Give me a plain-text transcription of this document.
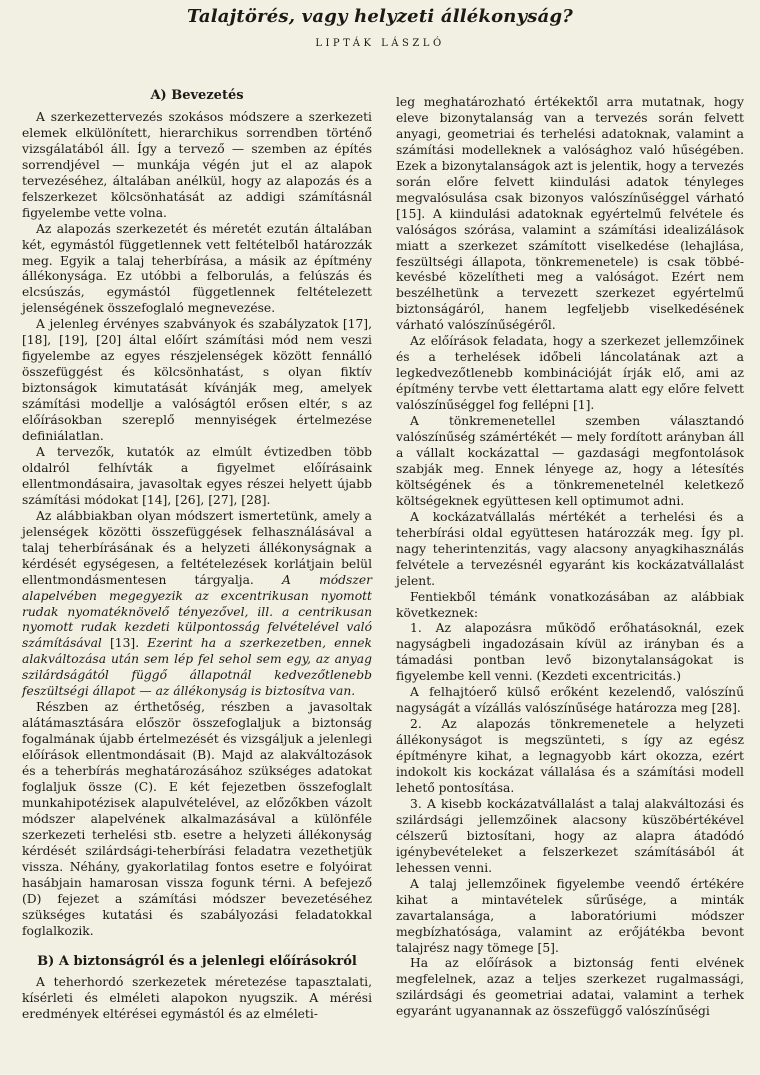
Talajtörés, vagy helyzeti állékonyság?
LIPTÁK LÁSZLÓ
A) Bevezetés

A szerkezettervezés szokásos módszere a szerkezeti elemek elkülönített, hierarchikus sorrendben történő vizsgálatából áll. Így a tervező — szemben az építés sorrendjével — munkája végén jut el az alapok tervezéséhez, általában anélkül, hogy az alapozás és a felszerkezet kölcsönhatását az addigi számításnál figyelembe vette volna.

Az alapozás szerkezetét és méretét ezután általában két, egymástól függetlennek vett feltételből határozzák meg. Egyik a talaj teherbírása, a másik az építmény állékonysága. Ez utóbbi a felborulás, a felúszás és elcsúszás, egymástól függetlennek feltételezett jelenségének összefoglaló megnevezése.

A jelenleg érvényes szabványok és szabályzatok [17], [18], [19], [20] által előírt számítási mód nem veszi figyelembe az egyes részjelenségek között fennálló összefüggést és kölcsönhatást, s olyan fiktív biztonságok kimutatását kívánják meg, amelyek számítási modellje a valóságtól erősen eltér, s az előírásokban szereplő mennyiségek értelmezése definiálatlan.

A tervezők, kutatók az elmúlt évtizedben több oldalról felhívták a figyelmet előírásaink ellentmondásaira, javasoltak egyes részei helyett újabb számítási módokat [14], [26], [27], [28].

Az alábbiakban olyan módszert ismertetünk, amely a jelenségek közötti összefüggések felhasználásával a talaj teherbírásának és a helyzeti állékonyságnak a kérdését egységesen, a feltételezések korlátjain belül ellentmondásmentesen tárgyalja. A módszer alapelvében megegyezik az excentrikusan nyomott rudak nyomatéknövelő tényezővel, ill. a centrikusan nyomott rudak kezdeti külpontosság felvételével való számításával [13]. Ezerint ha a szerkezetben, ennek alakváltozása után sem lép fel sehol sem egy, az anyag szilárdságától függő állapotnál kedvezőtlenebb feszültségi állapot — az állékonyság is biztosítva van.

Részben az érthetőség, részben a javasoltak alátámasztására először összefoglaljuk a biztonság fogalmának újabb értelmezését és vizsgáljuk a jelenlegi előírások ellentmondásait (B). Majd az alakváltozások és a teherbírás meghatározásához szükséges adatokat foglaljuk össze (C). E két fejezetben összefoglalt munkahipotézisek alapulvételével, az előzőkben vázolt módszer alapelvének alkalmazásával a különféle szerkezeti terhelési stb. esetre a helyzeti állékonyság kérdését szilárdsági-teherbírási feladatra vezethetjük vissza. Néhány, gyakorlatilag fontos esetre e folyóirat hasábjain hamarosan vissza fogunk térni. A befejező (D) fejezet a számítási módszer bevezetéséhez szükséges kutatási és szabályozási feladatokkal foglalkozik.

B) A biztonságról és a jelenlegi előírásokról

A teherhordó szerkezetek méretezése tapasztalati, kísérleti és elméleti alapokon nyugszik. A mérési eredmények eltérései egymástól és az elméleti-

leg meghatározható értékektől arra mutatnak, hogy eleve bizonytalanság van a tervezés során felvett anyagi, geometriai és terhelési adatoknak, valamint a számítási modelleknek a valósághoz való hűségében. Ezek a bizonytalanságok azt is jelentik, hogy a tervezés során előre felvett kiindulási adatok tényleges megvalósulása csak bizonyos valószínűséggel várható [15]. A kiindulási adatoknak egyértelmű felvétele és valóságos szórása, valamint a számítási idealizálások miatt a szerkezet számított viselkedése (lehajlása, feszültségi állapota, tönkremenetele) is csak többé-kevésbé közelítheti meg a valóságot. Ezért nem beszélhetünk a tervezett szerkezet egyértelmű biztonságáról, hanem legfeljebb viselkedésének várható valószínűségéről.

Az előírások feladata, hogy a szerkezet jellemzőinek és a terhelések időbeli láncolatának azt a legkedvezőtlenebb kombinációját írják elő, ami az építmény tervbe vett élettartama alatt egy előre felvett valószínűséggel fog fellépni [1].

A tönkremenetellel szemben választandó valószínűség számértékét — mely fordított arányban áll a vállalt kockázattal — gazdasági megfontolások szabják meg. Ennek lényege az, hogy a létesítés költségének és a tönkremenetelnél keletkező költségeknek együttesen kell optimumot adni.

A kockázatvállalás mértékét a terhelési és a teherbírási oldal együttesen határozzák meg. Így pl. nagy teherintenzitás, vagy alacsony anyagkihasználás felvétele a tervezésnél egyaránt kis kockázatvállalást jelent.

Fentiekből témánk vonatkozásában az alábbiak következnek:

1. Az alapozásra működő erőhatásoknál, ezek nagyságbeli ingadozásain kívül az irányban és a támadási pontban levő bizonytalanságokat is figyelembe kell venni. (Kezdeti excentricitás.)

A felhajtóerő külső erőként kezelendő, valószínű nagyságát a vízállás valószínűsége határozza meg [28].

2. Az alapozás tönkremenetele a helyzeti állékonyságot is megszünteti, s így az egész építményre kihat, a legnagyobb kárt okozza, ezért indokolt kis kockázat vállalása és a számítási modell lehető pontosítása.

3. A kisebb kockázatvállalást a talaj alakváltozási és szilárdsági jellemzőinek alacsony küszöbértékével célszerű biztosítani, hogy az alapra átadódó igénybevételeket a felszerkezet számításából át lehessen venni.

A talaj jellemzőinek figyelembe veendő értékére kihat a mintavételek sűrűsége, a minták zavartalansága, a laboratóriumi módszer megbízhatósága, valamint az erőjátékba bevont talajrész nagy tömege [5].

Ha az előírások a biztonság fenti elvének megfelelnek, azaz a teljes szerkezet rugalmassági, szilárdsági és geometriai adatai, valamint a terhek egyaránt ugyanannak az összefüggő valószínűségi
